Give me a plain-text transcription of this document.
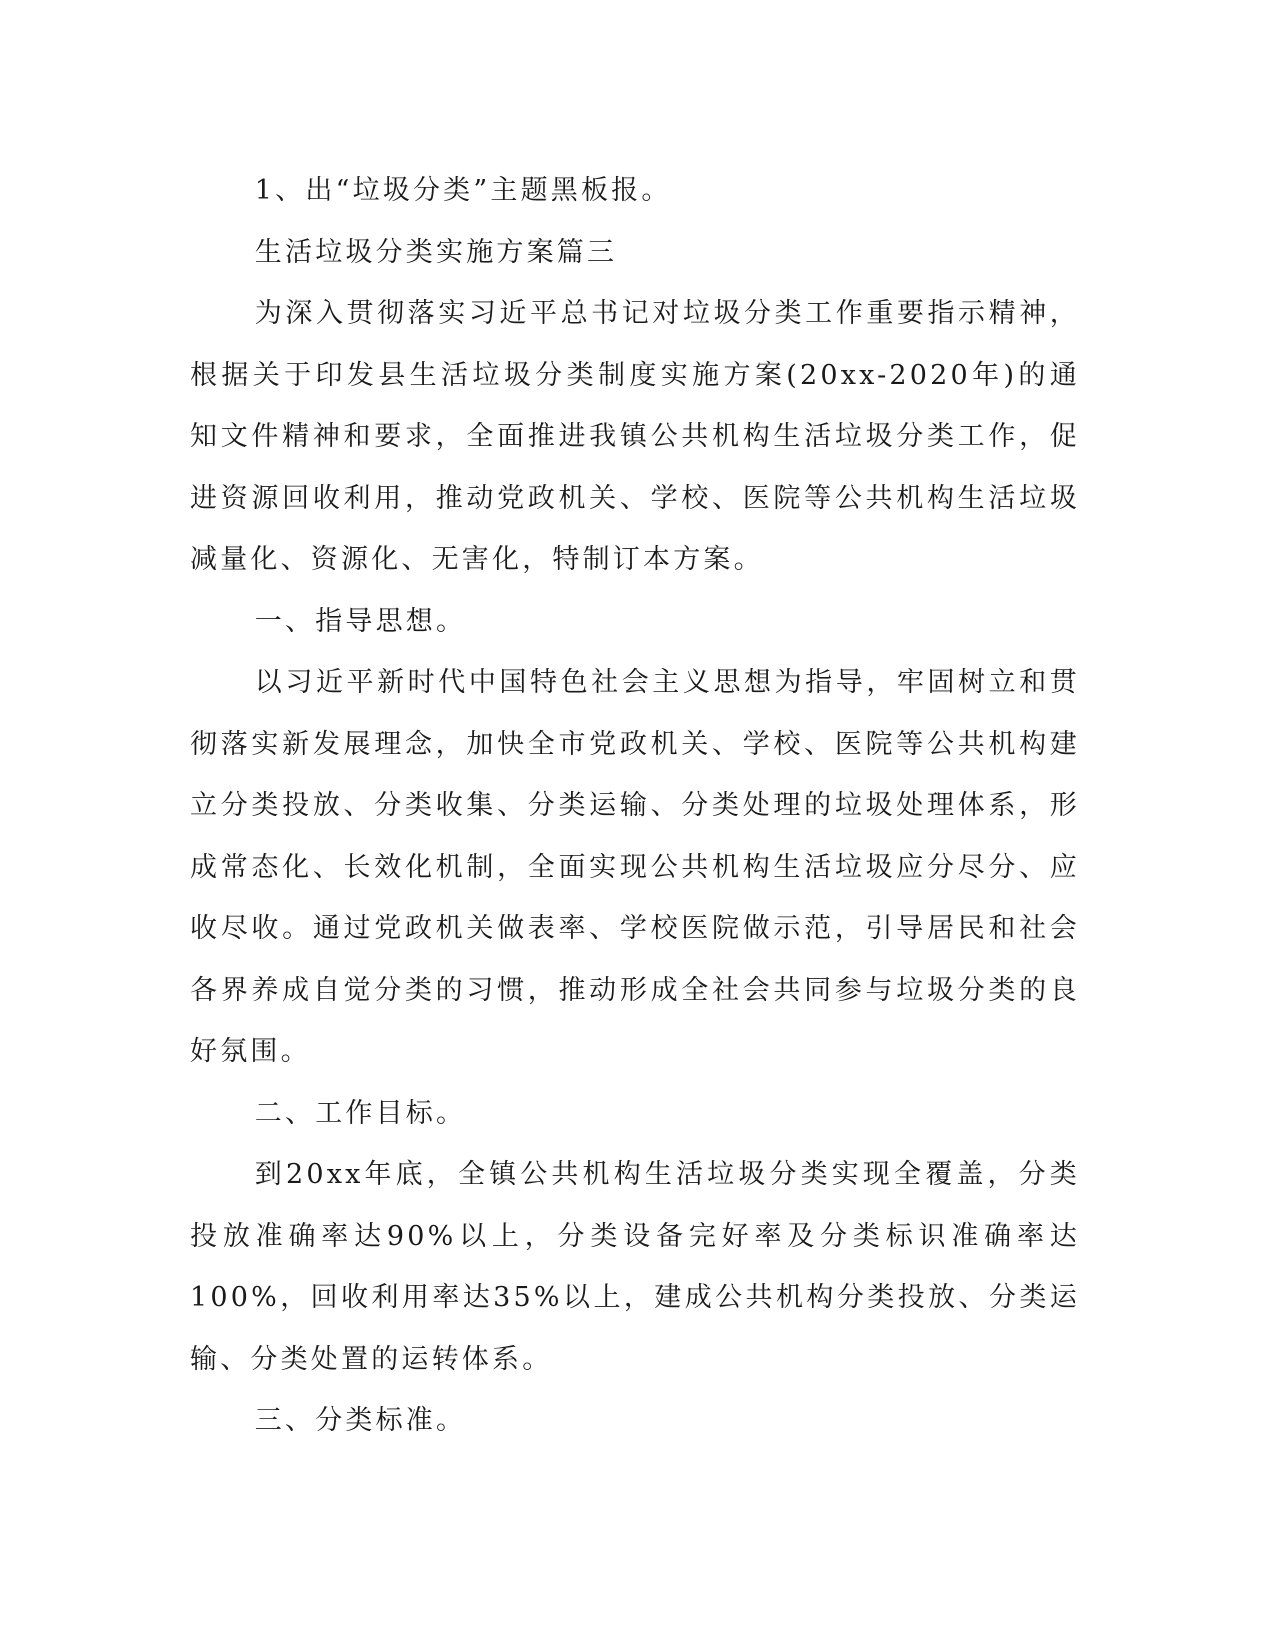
1、出“垃圾分类”主题黑板报。

生活垃圾分类实施方案篇三

为深入贯彻落实习近平总书记对垃圾分类工作重要指示精神，根据关于印发县生活垃圾分类制度实施方案(20xx-2020年)的通知文件精神和要求，全面推进我镇公共机构生活垃圾分类工作，促进资源回收利用，推动党政机关、学校、医院等公共机构生活垃圾减量化、资源化、无害化，特制订本方案。

一、指导思想。

以习近平新时代中国特色社会主义思想为指导，牢固树立和贯彻落实新发展理念，加快全市党政机关、学校、医院等公共机构建立分类投放、分类收集、分类运输、分类处理的垃圾处理体系，形成常态化、长效化机制，全面实现公共机构生活垃圾应分尽分、应收尽收。通过党政机关做表率、学校医院做示范，引导居民和社会各界养成自觉分类的习惯，推动形成全社会共同参与垃圾分类的良好氛围。

二、工作目标。

到20xx年底，全镇公共机构生活垃圾分类实现全覆盖，分类投放准确率达90%以上，分类设备完好率及分类标识准确率达100%，回收利用率达35%以上，建成公共机构分类投放、分类运输、分类处置的运转体系。

三、分类标准。
